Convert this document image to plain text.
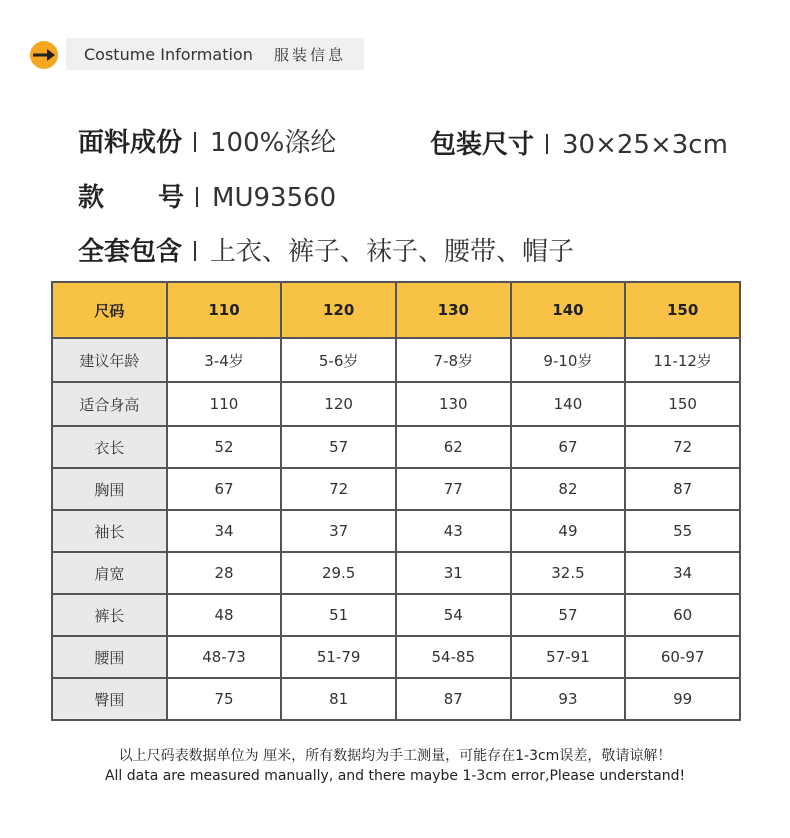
Costume Information 服装信息
面料成份 100%涤纶	包装尺寸 30×25×3cm
款 号 MU93560
全套包含 上衣、裤子、袜子、腰带、帽子
尺码	110	120	130	140	150
建议年龄	3-4岁	5-6岁	7-8岁	9-10岁	11-12岁
适合身高	110	120	130	140	150
衣长	52	57	62	67	72
胸围	67	72	77	82	87
袖长	34	37	43	49	55
肩宽	28	29.5	31	32.5	34
裤长	48	51	54	57	60
腰围	48-73	51-79	54-85	57-91	60-97
臀围	75	81	87	93	99
以上尺码表数据单位为 厘米，所有数据均为手工测量，可能存在1-3cm误差，敬请谅解！
All data are measured manually, and there maybe 1-3cm error,Please understand!
